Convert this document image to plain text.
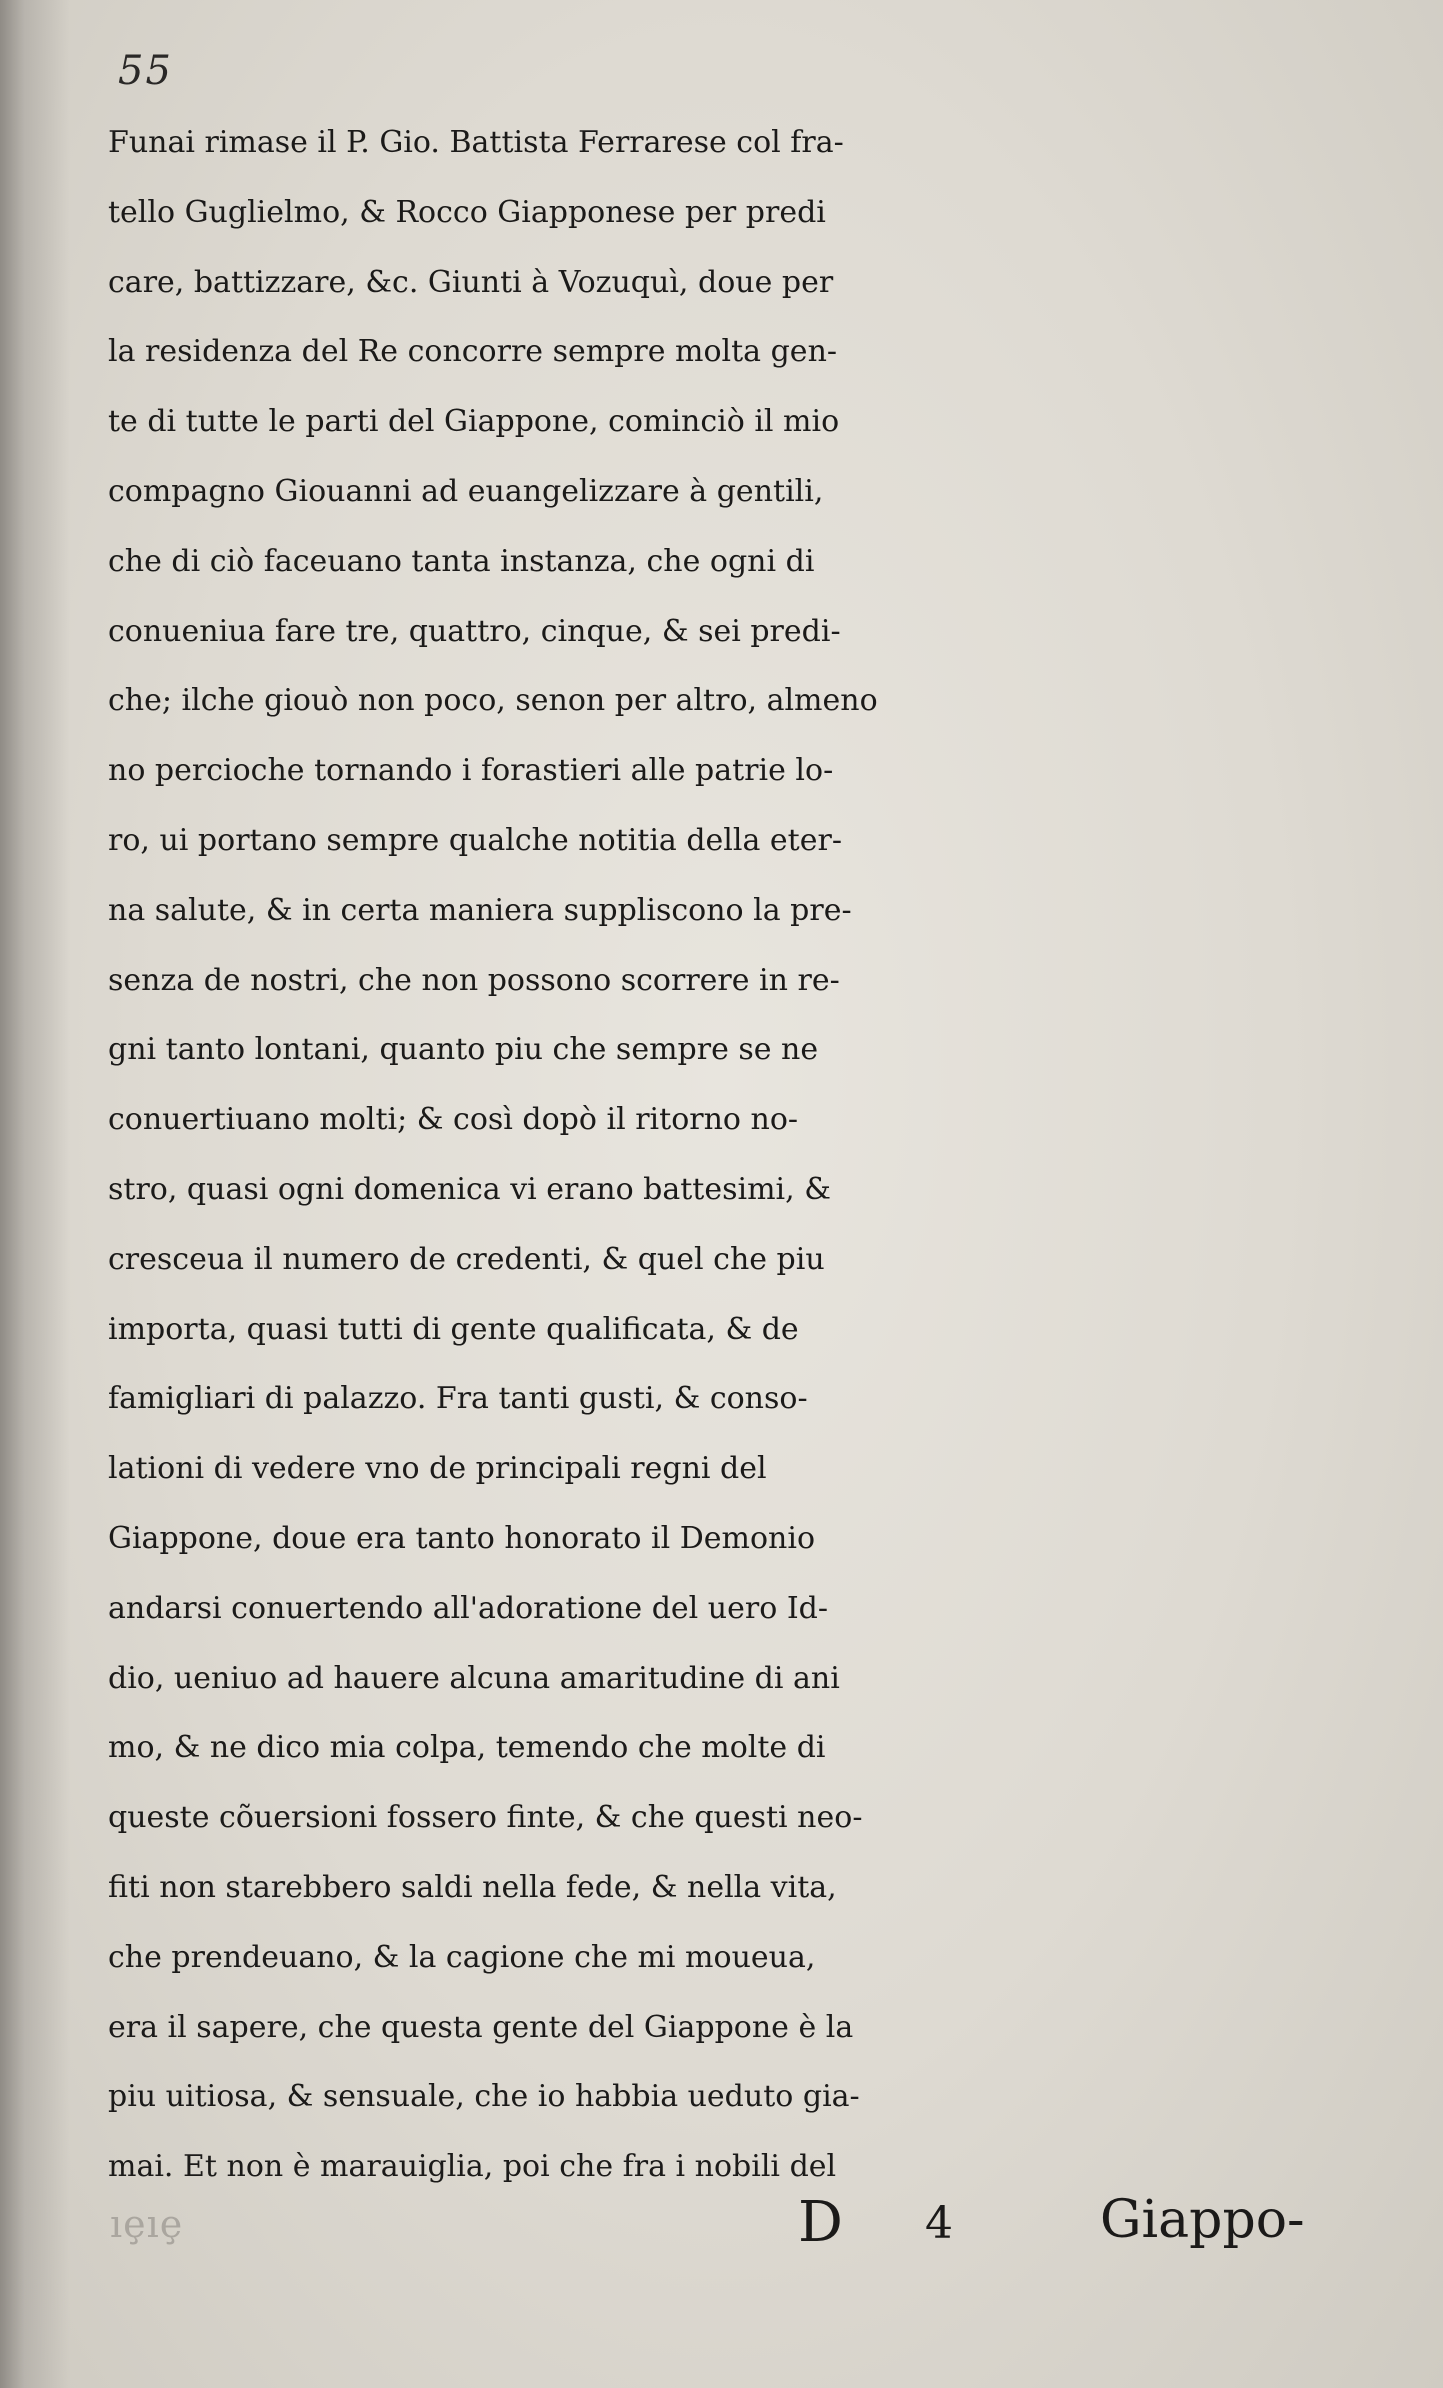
55
Funai rimase il P. Gio. Battista Ferrarese col fra-
tello Guglielmo, & Rocco Giapponese per predi
care, battizzare, &c. Giunti à Vozuquì, doue per
la residenza del Re concorre sempre molta gen-
te di tutte le parti del Giappone, cominciò il mio
compagno Giouanni ad euangelizzare à gentili,
che di ciò faceuano tanta instanza, che ogni di
conueniua fare tre, quattro, cinque, & sei predi-
che; ilche giouò non poco, senon per altro, almeno
no percioche tornando i forastieri alle patrie lo-
ro, ui portano sempre qualche notitia della eter-
na salute, & in certa maniera suppliscono la pre-
senza de nostri, che non possono scorrere in re-
gni tanto lontani, quanto piu che sempre se ne
conuertiuano molti; & così dopò il ritorno no-
stro, quasi ogni domenica vi erano battesimi, &
cresceua il numero de credenti, & quel che piu
importa, quasi tutti di gente qualificata, & de
famigliari di palazzo. Fra tanti gusti, & conso-
lationi di vedere vno de principali regni del
Giappone, doue era tanto honorato il Demonio
andarsi conuertendo all'adoratione del uero Id-
dio, ueniuo ad hauere alcuna amaritudine di ani
mo, & ne dico mia colpa, temendo che molte di
queste cõuersioni fossero finte, & che questi neo-
fiti non starebbero saldi nella fede, & nella vita,
che prendeuano, & la cagione che mi moueua,
era il sapere, che questa gente del Giappone è la
piu uitiosa, & sensuale, che io habbia ueduto gia-
mai. Et non è marauiglia, poi che fra i nobili del
ıȩıȩ	D 4	Giappo-
